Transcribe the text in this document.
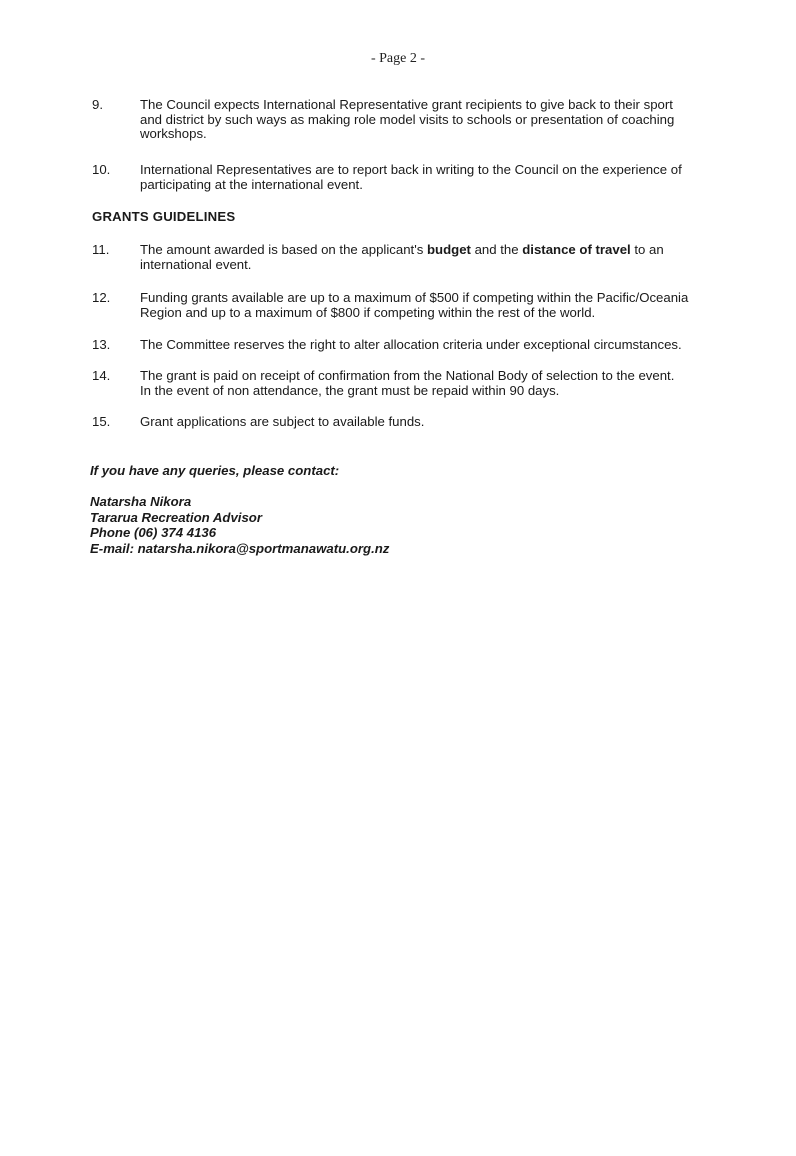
- Page 2 -
9.	The Council expects International Representative grant recipients to give back to their sport
and district by such ways as making role model visits to schools or presentation of coaching
workshops.
10.	International Representatives are to report back in writing to the Council on the experience of
participating at the international event.
GRANTS GUIDELINES
11.	The amount awarded is based on the applicant's budget and the distance of travel to an
international event.
12.	Funding grants available are up to a maximum of $500 if competing within the Pacific/Oceania
Region and up to a maximum of $800 if competing within the rest of the world.
13.	The Committee reserves the right to alter allocation criteria under exceptional circumstances.
14.	The grant is paid on receipt of confirmation from the National Body of selection to the event.
In the event of non attendance, the grant must be repaid within 90 days.
15.	Grant applications are subject to available funds.
If you have any queries, please contact:
Natarsha Nikora
Tararua Recreation Advisor
Phone (06) 374 4136
E-mail: natarsha.nikora@sportmanawatu.org.nz
